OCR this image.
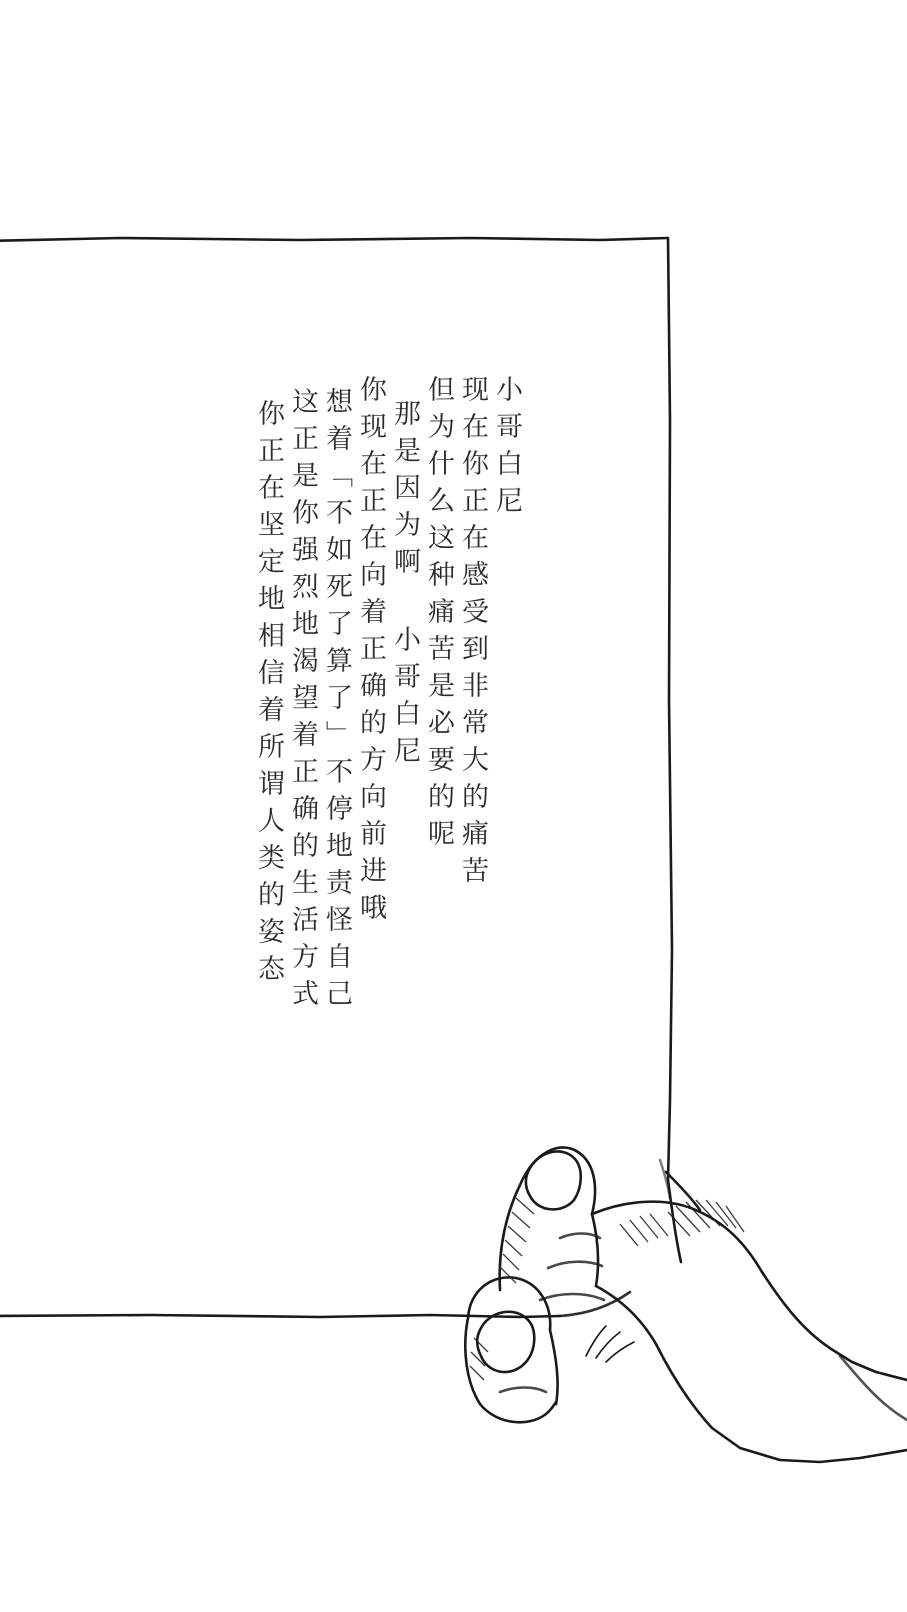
小哥白尼
现在你正在感受到非常大的痛苦
但为什么这种痛苦是必要的呢
那是因为啊 小哥白尼
你现在正在向着正确的方向前进哦
想着「不如死了算了」不停地责怪自己
这正是你强烈地渴望着正确的生活方式
你正在坚定地相信着所谓人类的姿态
